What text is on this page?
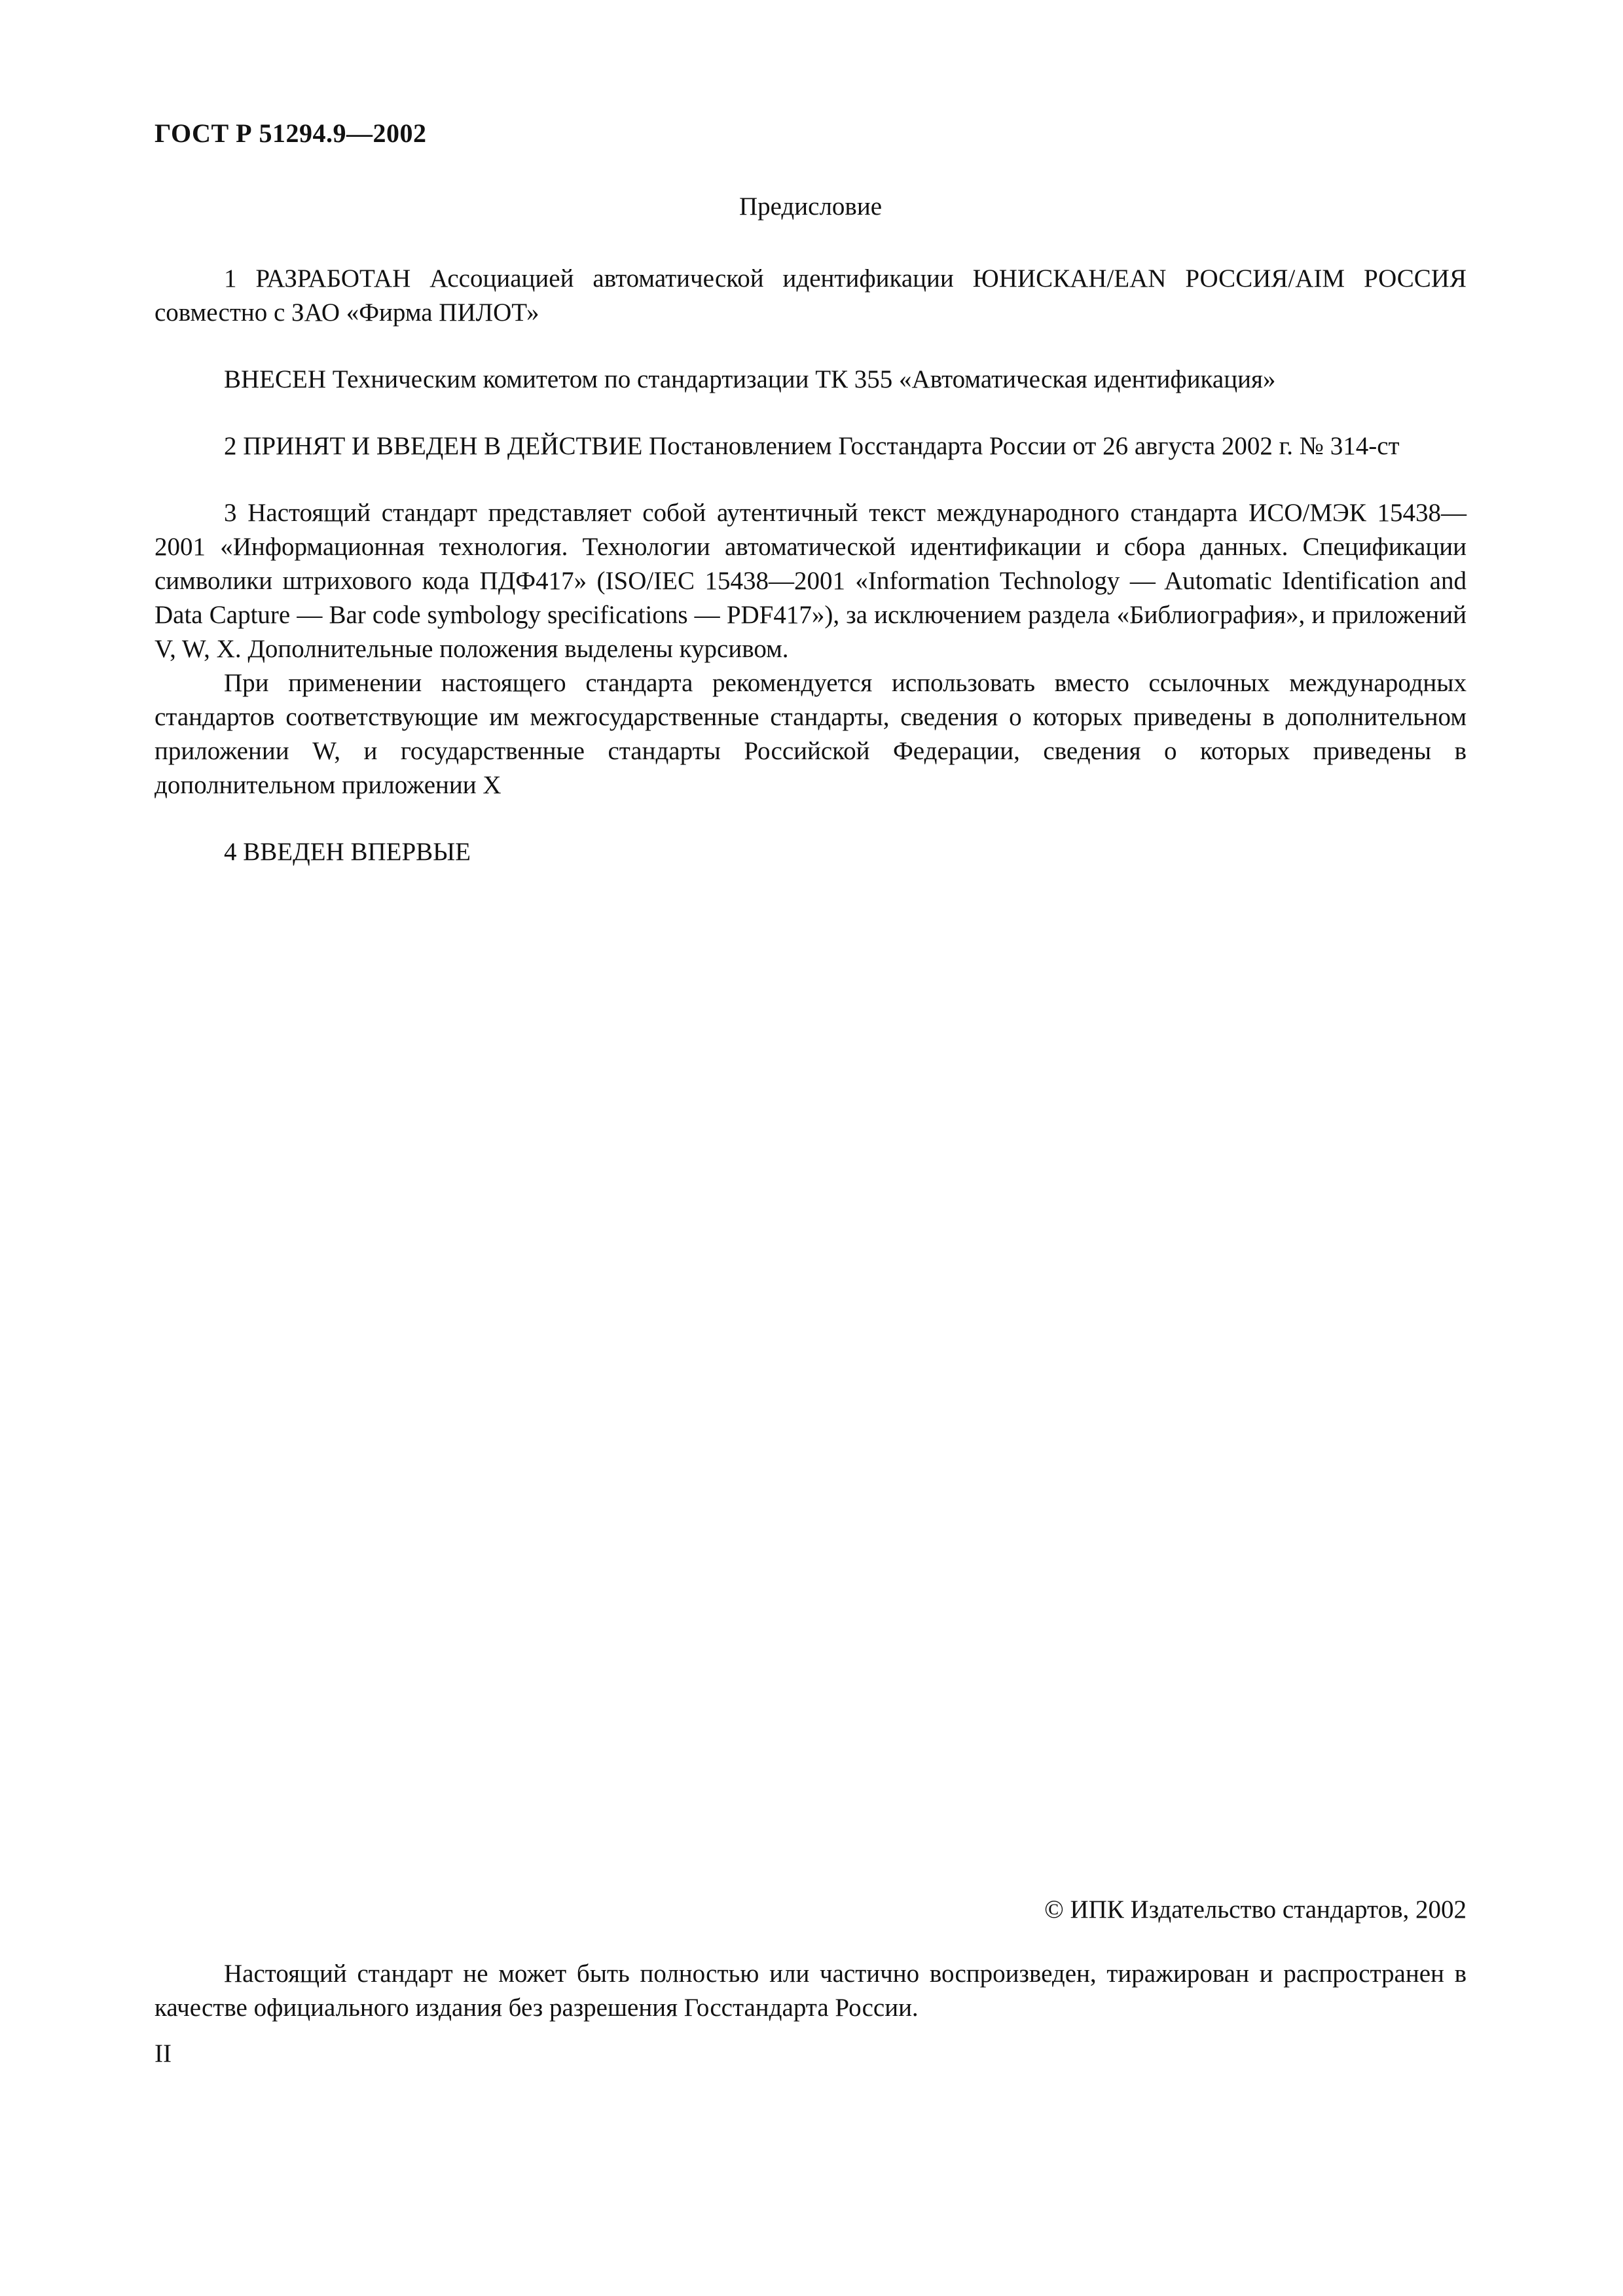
ГОСТ Р 51294.9—2002
Предисловие

1 РАЗРАБОТАН Ассоциацией автоматической идентификации ЮНИСКАН/EAN РОССИЯ/AIM РОССИЯ совместно с ЗАО «Фирма ПИЛОТ»

ВНЕСЕН Техническим комитетом по стандартизации ТК 355 «Автоматическая идентификация»

2 ПРИНЯТ И ВВЕДЕН В ДЕЙСТВИЕ Постановлением Госстандарта России от 26 августа 2002 г. № 314-ст

3 Настоящий стандарт представляет собой аутентичный текст международного стандарта ИСО/МЭК 15438—2001 «Информационная технология. Технологии автоматической идентификации и сбора данных. Спецификации символики штрихового кода ПДФ417» (ISO/IEC 15438—2001 «Information Technology — Automatic Identification and Data Capture — Bar code symbology specifications — PDF417»), за исключением раздела «Библиография», и приложений V, W, X. Дополнительные положения выделены курсивом.

При применении настоящего стандарта рекомендуется использовать вместо ссылочных международных стандартов соответствующие им межгосударственные стандарты, сведения о которых приведены в дополнительном приложении W, и государственные стандарты Российской Федерации, сведения о которых приведены в дополнительном приложении X

4 ВВЕДЕН ВПЕРВЫЕ

© ИПК Издательство стандартов, 2002

Настоящий стандарт не может быть полностью или частично воспроизведен, тиражирован и распространен в качестве официального издания без разрешения Госстандарта России.

II
